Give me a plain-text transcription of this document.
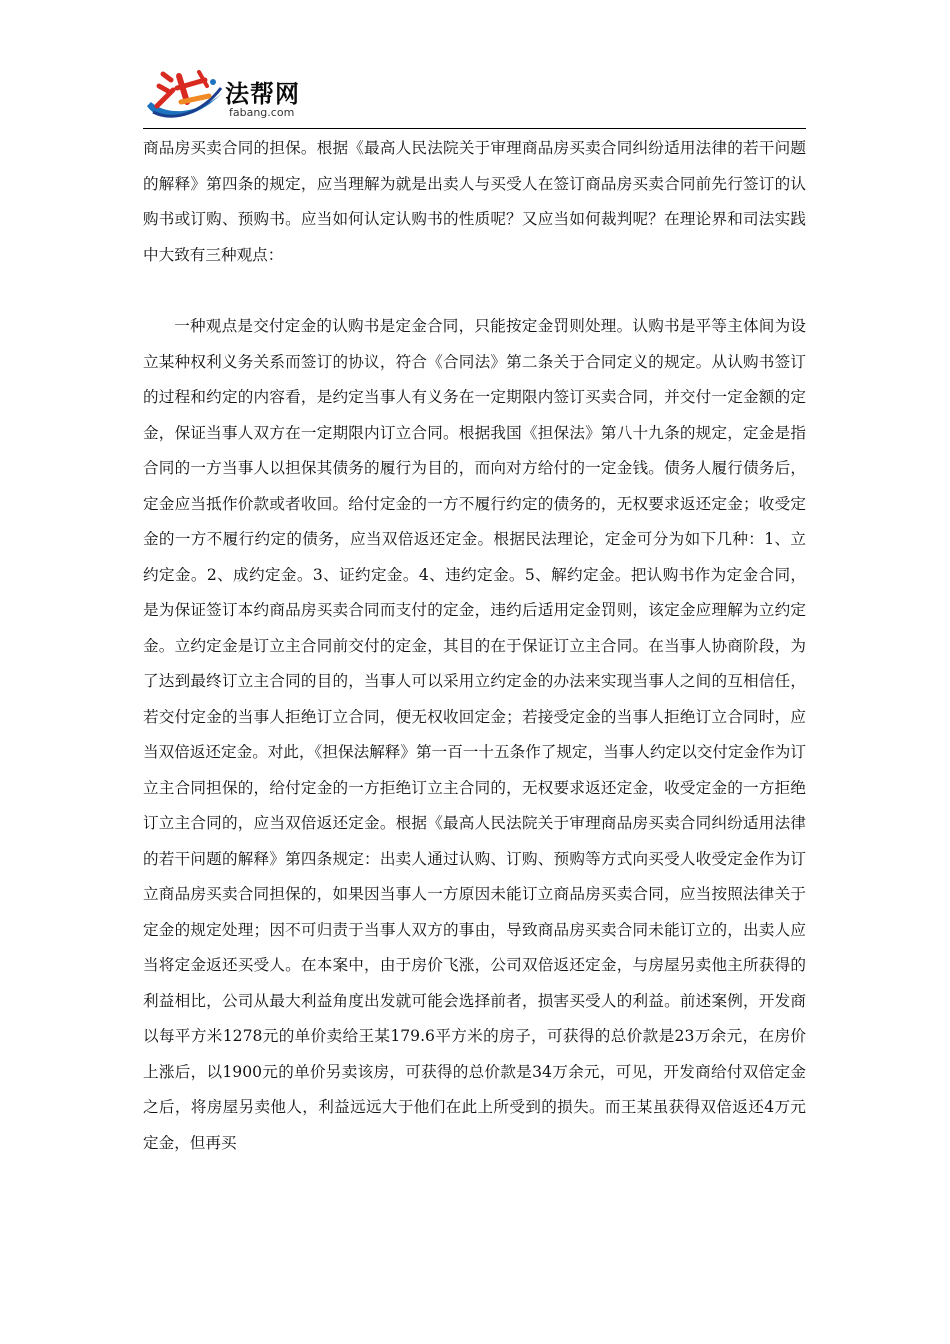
法帮网
fabang.com

商品房买卖合同的担保。根据《最高人民法院关于审理商品房买卖合同纠纷适用法律的若干问题的解释》第四条的规定，应当理解为就是出卖人与买受人在签订商品房买卖合同前先行签订的认购书或订购、预购书。应当如何认定认购书的性质呢？又应当如何裁判呢？在理论界和司法实践中大致有三种观点：

一种观点是交付定金的认购书是定金合同，只能按定金罚则处理。认购书是平等主体间为设立某种权利义务关系而签订的协议，符合《合同法》第二条关于合同定义的规定。从认购书签订的过程和约定的内容看，是约定当事人有义务在一定期限内签订买卖合同，并交付一定金额的定金，保证当事人双方在一定期限内订立合同。根据我国《担保法》第八十九条的规定，定金是指合同的一方当事人以担保其债务的履行为目的，而向对方给付的一定金钱。债务人履行债务后，定金应当抵作价款或者收回。给付定金的一方不履行约定的债务的，无权要求返还定金；收受定金的一方不履行约定的债务，应当双倍返还定金。根据民法理论，定金可分为如下几种：1、立约定金。2、成约定金。3、证约定金。4、违约定金。5、解约定金。把认购书作为定金合同，是为保证签订本约商品房买卖合同而支付的定金，违约后适用定金罚则，该定金应理解为立约定金。立约定金是订立主合同前交付的定金，其目的在于保证订立主合同。在当事人协商阶段，为了达到最终订立主合同的目的，当事人可以采用立约定金的办法来实现当事人之间的互相信任，若交付定金的当事人拒绝订立合同，便无权收回定金；若接受定金的当事人拒绝订立合同时，应当双倍返还定金。对此，《担保法解释》第一百一十五条作了规定，当事人约定以交付定金作为订立主合同担保的，给付定金的一方拒绝订立主合同的，无权要求返还定金，收受定金的一方拒绝订立主合同的，应当双倍返还定金。根据《最高人民法院关于审理商品房买卖合同纠纷适用法律的若干问题的解释》第四条规定：出卖人通过认购、订购、预购等方式向买受人收受定金作为订立商品房买卖合同担保的，如果因当事人一方原因未能订立商品房买卖合同，应当按照法律关于定金的规定处理；因不可归责于当事人双方的事由，导致商品房买卖合同未能订立的，出卖人应当将定金返还买受人。在本案中，由于房价飞涨，公司双倍返还定金，与房屋另卖他主所获得的利益相比，公司从最大利益角度出发就可能会选择前者，损害买受人的利益。前述案例，开发商以每平方米1278元的单价卖给王某179.6平方米的房子，可获得的总价款是23万余元，在房价上涨后，以1900元的单价另卖该房，可获得的总价款是34万余元，可见，开发商给付双倍定金之后，将房屋另卖他人，利益远远大于他们在此上所受到的损失。而王某虽获得双倍返还4万元定金，但再买
